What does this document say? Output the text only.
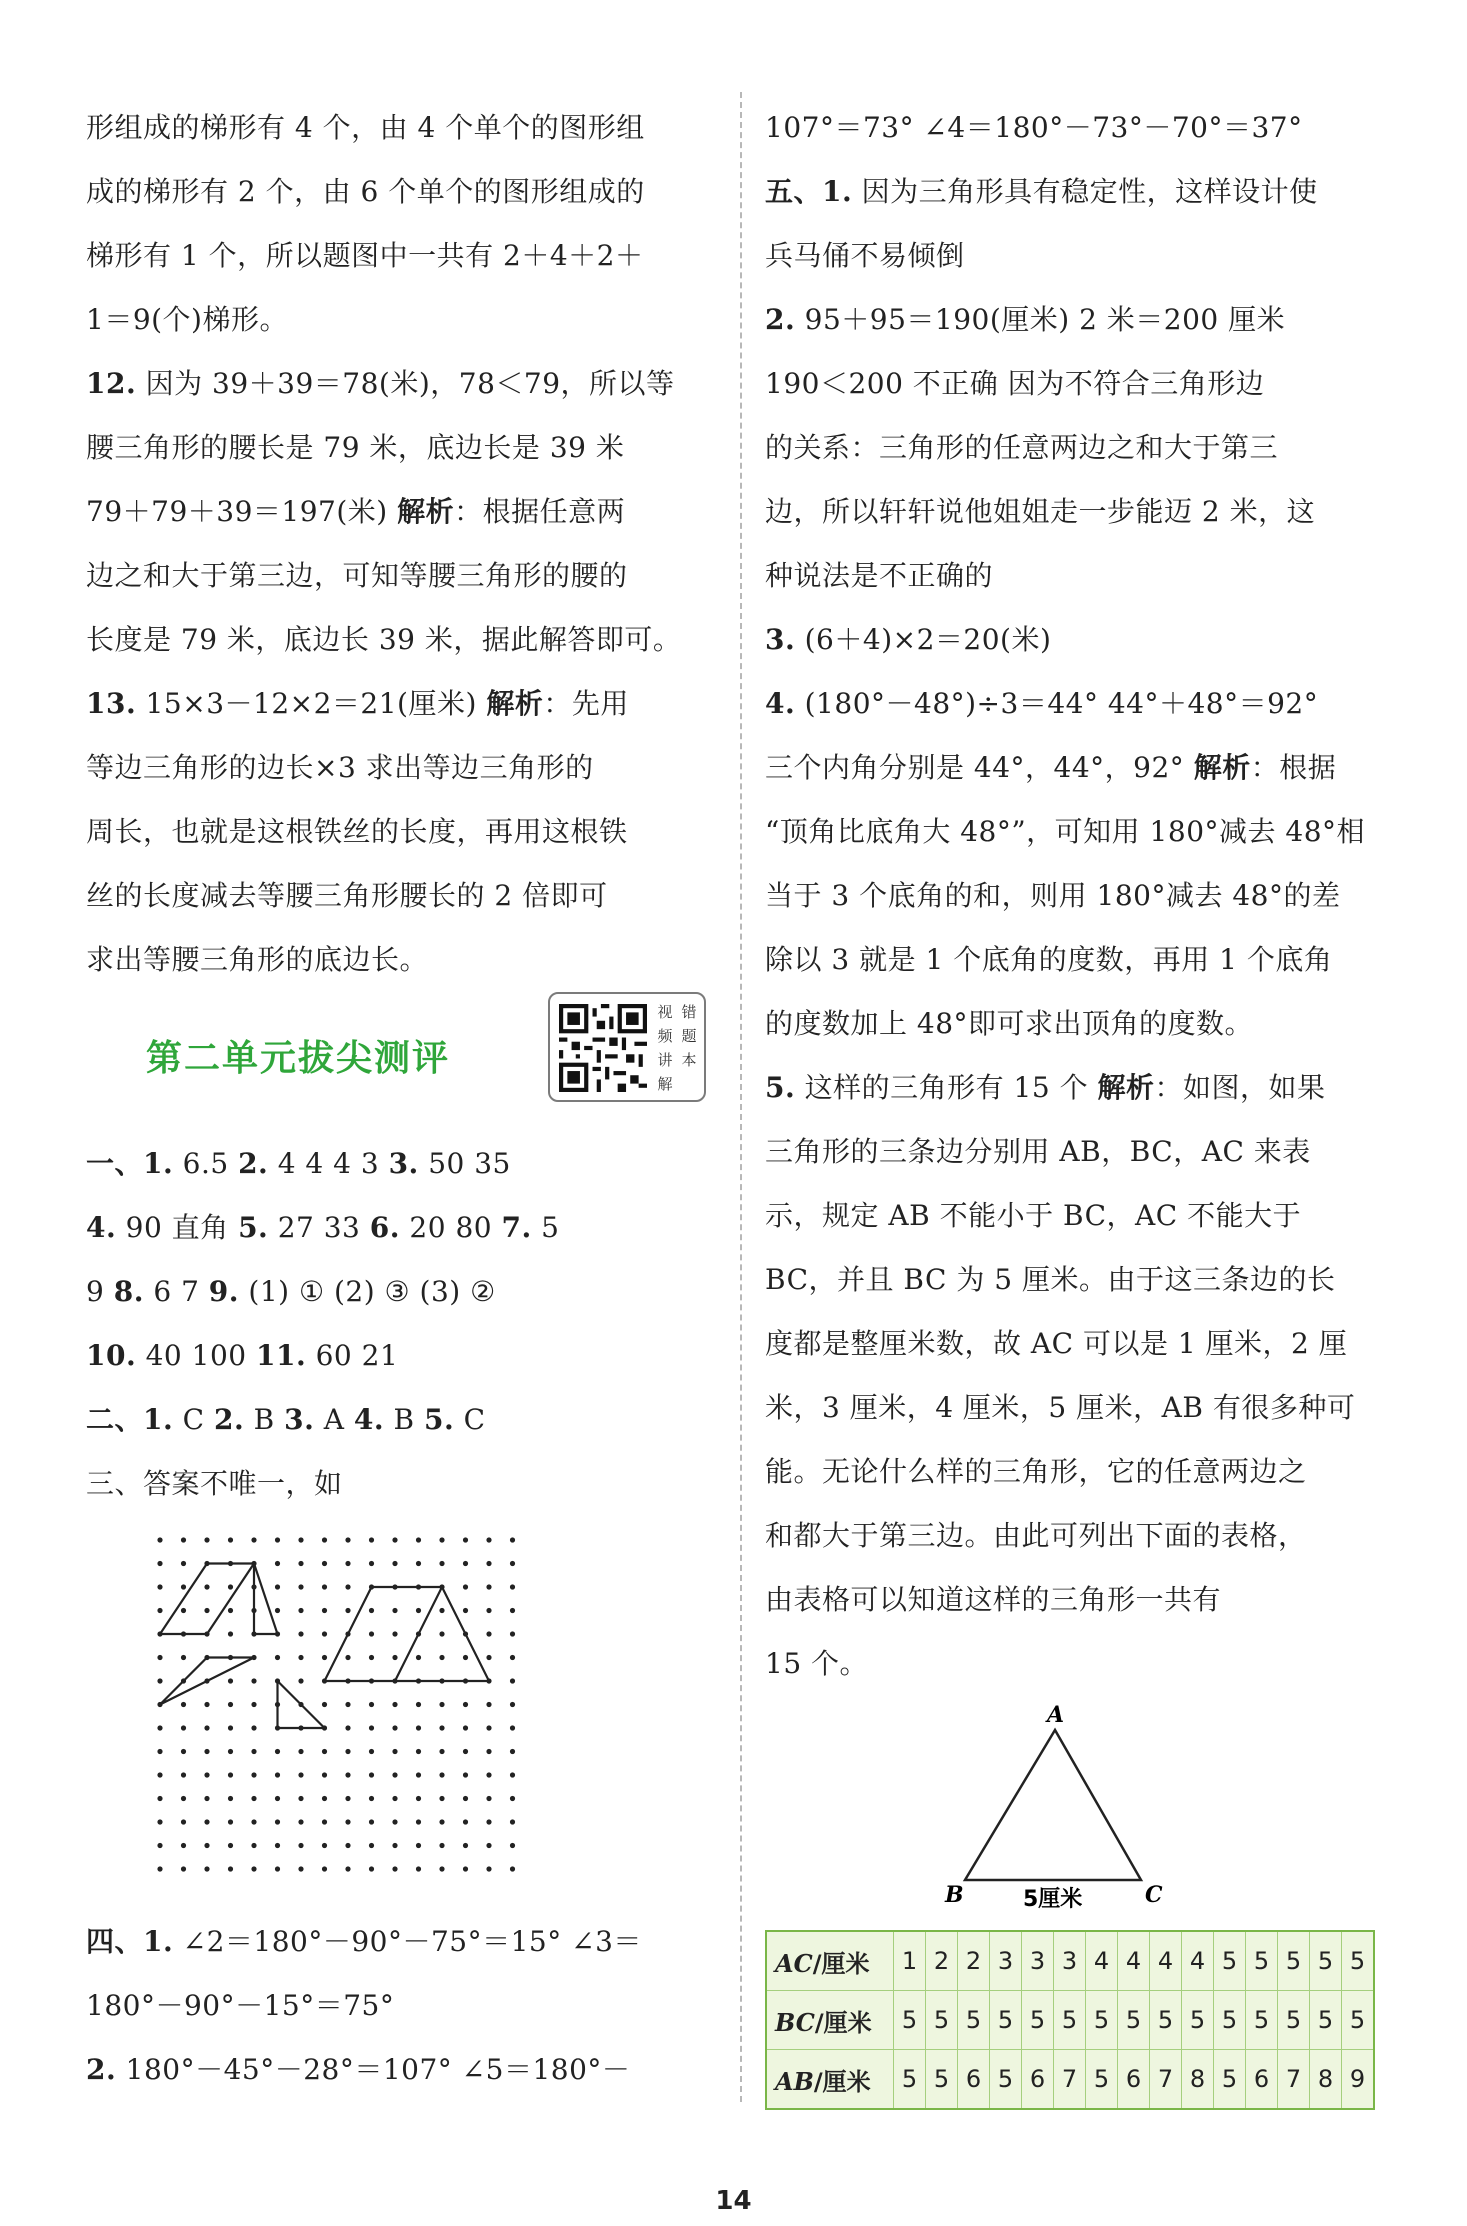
形组成的梯形有 4 个，由 4 个单个的图形组
成的梯形有 2 个，由 6 个单个的图形组成的
梯形有 1 个，所以题图中一共有 2＋4＋2＋
1＝9(个)梯形。
12. 因为 39＋39＝78(米)，78＜79，所以等
腰三角形的腰长是 79 米，底边长是 39 米
79＋79＋39＝197(米) 解析：根据任意两
边之和大于第三边，可知等腰三角形的腰的
长度是 79 米，底边长 39 米，据此解答即可。
13. 15×3－12×2＝21(厘米) 解析：先用
等边三角形的边长×3 求出等边三角形的
周长，也就是这根铁丝的长度，再用这根铁
丝的长度减去等腰三角形腰长的 2 倍即可
求出等腰三角形的底边长。
第二单元拔尖测评
视
频
讲
解
错
题
本
一、1. 6.5 2. 4 4 4 3 3. 50 35
4. 90 直角 5. 27 33 6. 20 80 7. 5
9 8. 6 7 9. (1) ① (2) ③ (3) ②
10. 40 100 11. 60 21
二、1. C 2. B 3. A 4. B 5. C
三、答案不唯一，如
四、1. ∠2＝180°－90°－75°＝15° ∠3＝
180°－90°－15°＝75°
2. 180°－45°－28°＝107° ∠5＝180°－
107°＝73° ∠4＝180°－73°－70°＝37°
五、1. 因为三角形具有稳定性，这样设计使
兵马俑不易倾倒
2. 95＋95＝190(厘米) 2 米＝200 厘米
190＜200 不正确 因为不符合三角形边
的关系：三角形的任意两边之和大于第三
边，所以轩轩说他姐姐走一步能迈 2 米，这
种说法是不正确的
3. (6＋4)×2＝20(米)
4. (180°－48°)÷3＝44° 44°＋48°＝92°
三个内角分别是 44°，44°，92° 解析：根据
“顶角比底角大 48°”，可知用 180°减去 48°相
当于 3 个底角的和，则用 180°减去 48°的差
除以 3 就是 1 个底角的度数，再用 1 个底角
的度数加上 48°即可求出顶角的度数。
5. 这样的三角形有 15 个 解析：如图，如果
三角形的三条边分别用 AB，BC，AC 来表
示，规定 AB 不能小于 BC，AC 不能大于
BC，并且 BC 为 5 厘米。由于这三条边的长
度都是整厘米数，故 AC 可以是 1 厘米，2 厘
米，3 厘米，4 厘米，5 厘米，AB 有很多种可
能。无论什么样的三角形，它的任意两边之
和都大于第三边。由此可列出下面的表格，
由表格可以知道这样的三角形一共有
15 个。
A
B	C
5厘米
AC/厘米	1	2	2	3	3	3	4	4	4	4	5	5	5	5	5
BC/厘米	5	5	5	5	5	5	5	5	5	5	5	5	5	5	5
AB/厘米	5	5	6	5	6	7	5	6	7	8	5	6	7	8	9
14
